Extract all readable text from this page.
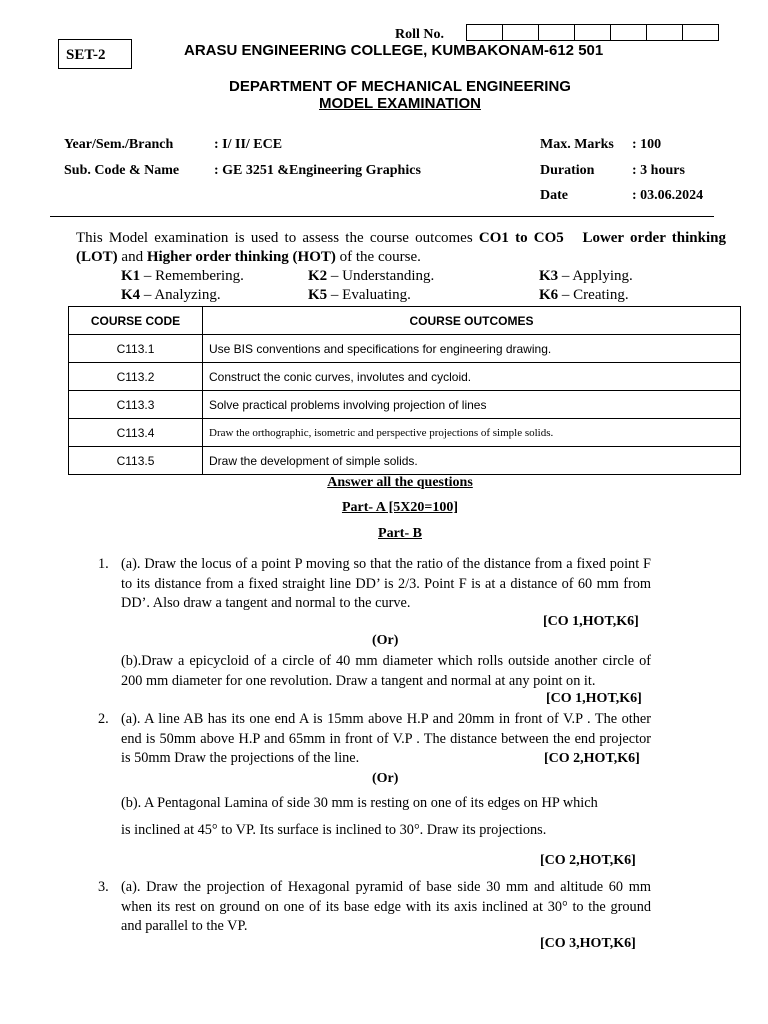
Roll No.
SET-2	ARASU ENGINEERING COLLEGE, KUMBAKONAM-612 501
DEPARTMENT OF MECHANICAL ENGINEERING
MODEL EXAMINATION
Year/Sem./Branch	: I/ II/ ECE
Sub. Code & Name : GE 3251 &Engineering Graphics
Max. Marks : 100
Duration	: 3 hours
Date	: 03.06.2024
This Model examination is used to assess the course outcomes CO1 to CO5 Lower order thinking (LOT) and Higher order thinking (HOT) of the course.
K1 – Remembering.	K2 – Understanding.	K3 – Applying.
K4 – Analyzing.	K5 – Evaluating.	K6 – Creating.
COURSE CODE	COURSE OUTCOMES
C113.1	Use BIS conventions and specifications for engineering drawing.
C113.2	Construct the conic curves, involutes and cycloid.
C113.3	Solve practical problems involving projection of lines
C113.4	Draw the orthographic, isometric and perspective projections of simple solids.
C113.5	Draw the development of simple solids.
Answer all the questions
Part- A [5X20=100]
Part- B
1. (a). Draw the locus of a point P moving so that the ratio of the distance from a fixed point F to its distance from a fixed straight line DD’ is 2/3. Point F is at a distance of 60 mm from DD’. Also draw a tangent and normal to the curve.
[CO 1,HOT,K6]
(Or)
(b).Draw a epicycloid of a circle of 40 mm diameter which rolls outside another circle of 200 mm diameter for one revolution. Draw a tangent and normal at any point on it.
[CO 1,HOT,K6]
2. (a). A line AB has its one end A is 15mm above H.P and 20mm in front of V.P . The other end is 50mm above H.P and 65mm in front of V.P . The distance between the end projector is 50mm Draw the projections of the line.	[CO 2,HOT,K6]
(Or)
(b). A Pentagonal Lamina of side 30 mm is resting on one of its edges on HP which
is inclined at 45° to VP. Its surface is inclined to 30°. Draw its projections.
[CO 2,HOT,K6]
3. (a). Draw the projection of Hexagonal pyramid of base side 30 mm and altitude 60 mm when its rest on ground on one of its base edge with its axis inclined at 30° to the ground and parallel to the VP.
[CO 3,HOT,K6]
